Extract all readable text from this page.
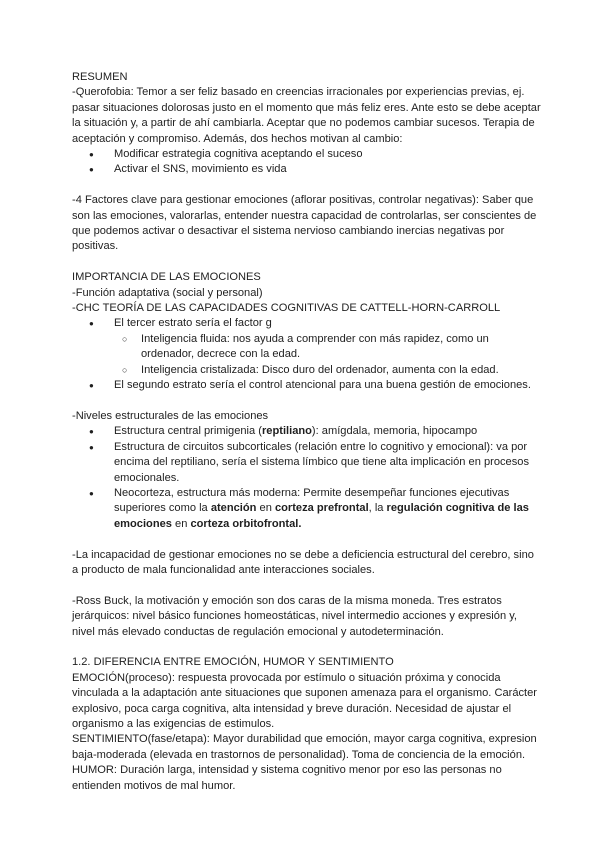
RESUMEN

-Querofobia: Temor a ser feliz basado en creencias irracionales por experiencias previas, ej. pasar situaciones dolorosas justo en el momento que más feliz eres. Ante esto se debe aceptar la situación y, a partir de ahí cambiarla. Aceptar que no podemos cambiar sucesos. Terapia de aceptación y compromiso. Además, dos hechos motivan al cambio:

● Modificar estrategia cognitiva aceptando el suceso
● Activar el SNS, movimiento es vida

-4 Factores clave para gestionar emociones (aflorar positivas, controlar negativas): Saber que son las emociones, valorarlas, entender nuestra capacidad de controlarlas, ser conscientes de que podemos activar o desactivar el sistema nervioso cambiando inercias negativas por positivas.

IMPORTANCIA DE LAS EMOCIONES

-Función adaptativa (social y personal)

-CHC TEORÍA DE LAS CAPACIDADES COGNITIVAS DE CATTELL-HORN-CARROLL

● El tercer estrato sería el factor g
○ Inteligencia fluida: nos ayuda a comprender con más rapidez, como un ordenador, decrece con la edad.
○ Inteligencia cristalizada: Disco duro del ordenador, aumenta con la edad.
● El segundo estrato sería el control atencional para una buena gestión de emociones.

-Niveles estructurales de las emociones

● Estructura central primigenia (reptiliano): amígdala, memoria, hipocampo
● Estructura de circuitos subcorticales (relación entre lo cognitivo y emocional): va por encima del reptiliano, sería el sistema límbico que tiene alta implicación en procesos emocionales.
● Neocorteza, estructura más moderna: Permite desempeñar funciones ejecutivas superiores como la atención en corteza prefrontal, la regulación cognitiva de las emociones en corteza orbitofrontal.

-La incapacidad de gestionar emociones no se debe a deficiencia estructural del cerebro, sino a producto de mala funcionalidad ante interacciones sociales.

-Ross Buck, la motivación y emoción son dos caras de la misma moneda. Tres estratos jerárquicos: nivel básico funciones homeostáticas, nivel intermedio acciones y expresión y, nivel más elevado conductas de regulación emocional y autodeterminación.

1.2. DIFERENCIA ENTRE EMOCIÓN, HUMOR Y SENTIMIENTO

EMOCIÓN(proceso): respuesta provocada por estímulo o situación próxima y conocida vinculada a la adaptación ante situaciones que suponen amenaza para el organismo. Carácter explosivo, poca carga cognitiva, alta intensidad y breve duración. Necesidad de ajustar el organismo a las exigencias de estimulos.

SENTIMIENTO(fase/etapa): Mayor durabilidad que emoción, mayor carga cognitiva, expresion baja-moderada (elevada en trastornos de personalidad). Toma de conciencia de la emoción.

HUMOR: Duración larga, intensidad y sistema cognitivo menor por eso las personas no entienden motivos de mal humor.
